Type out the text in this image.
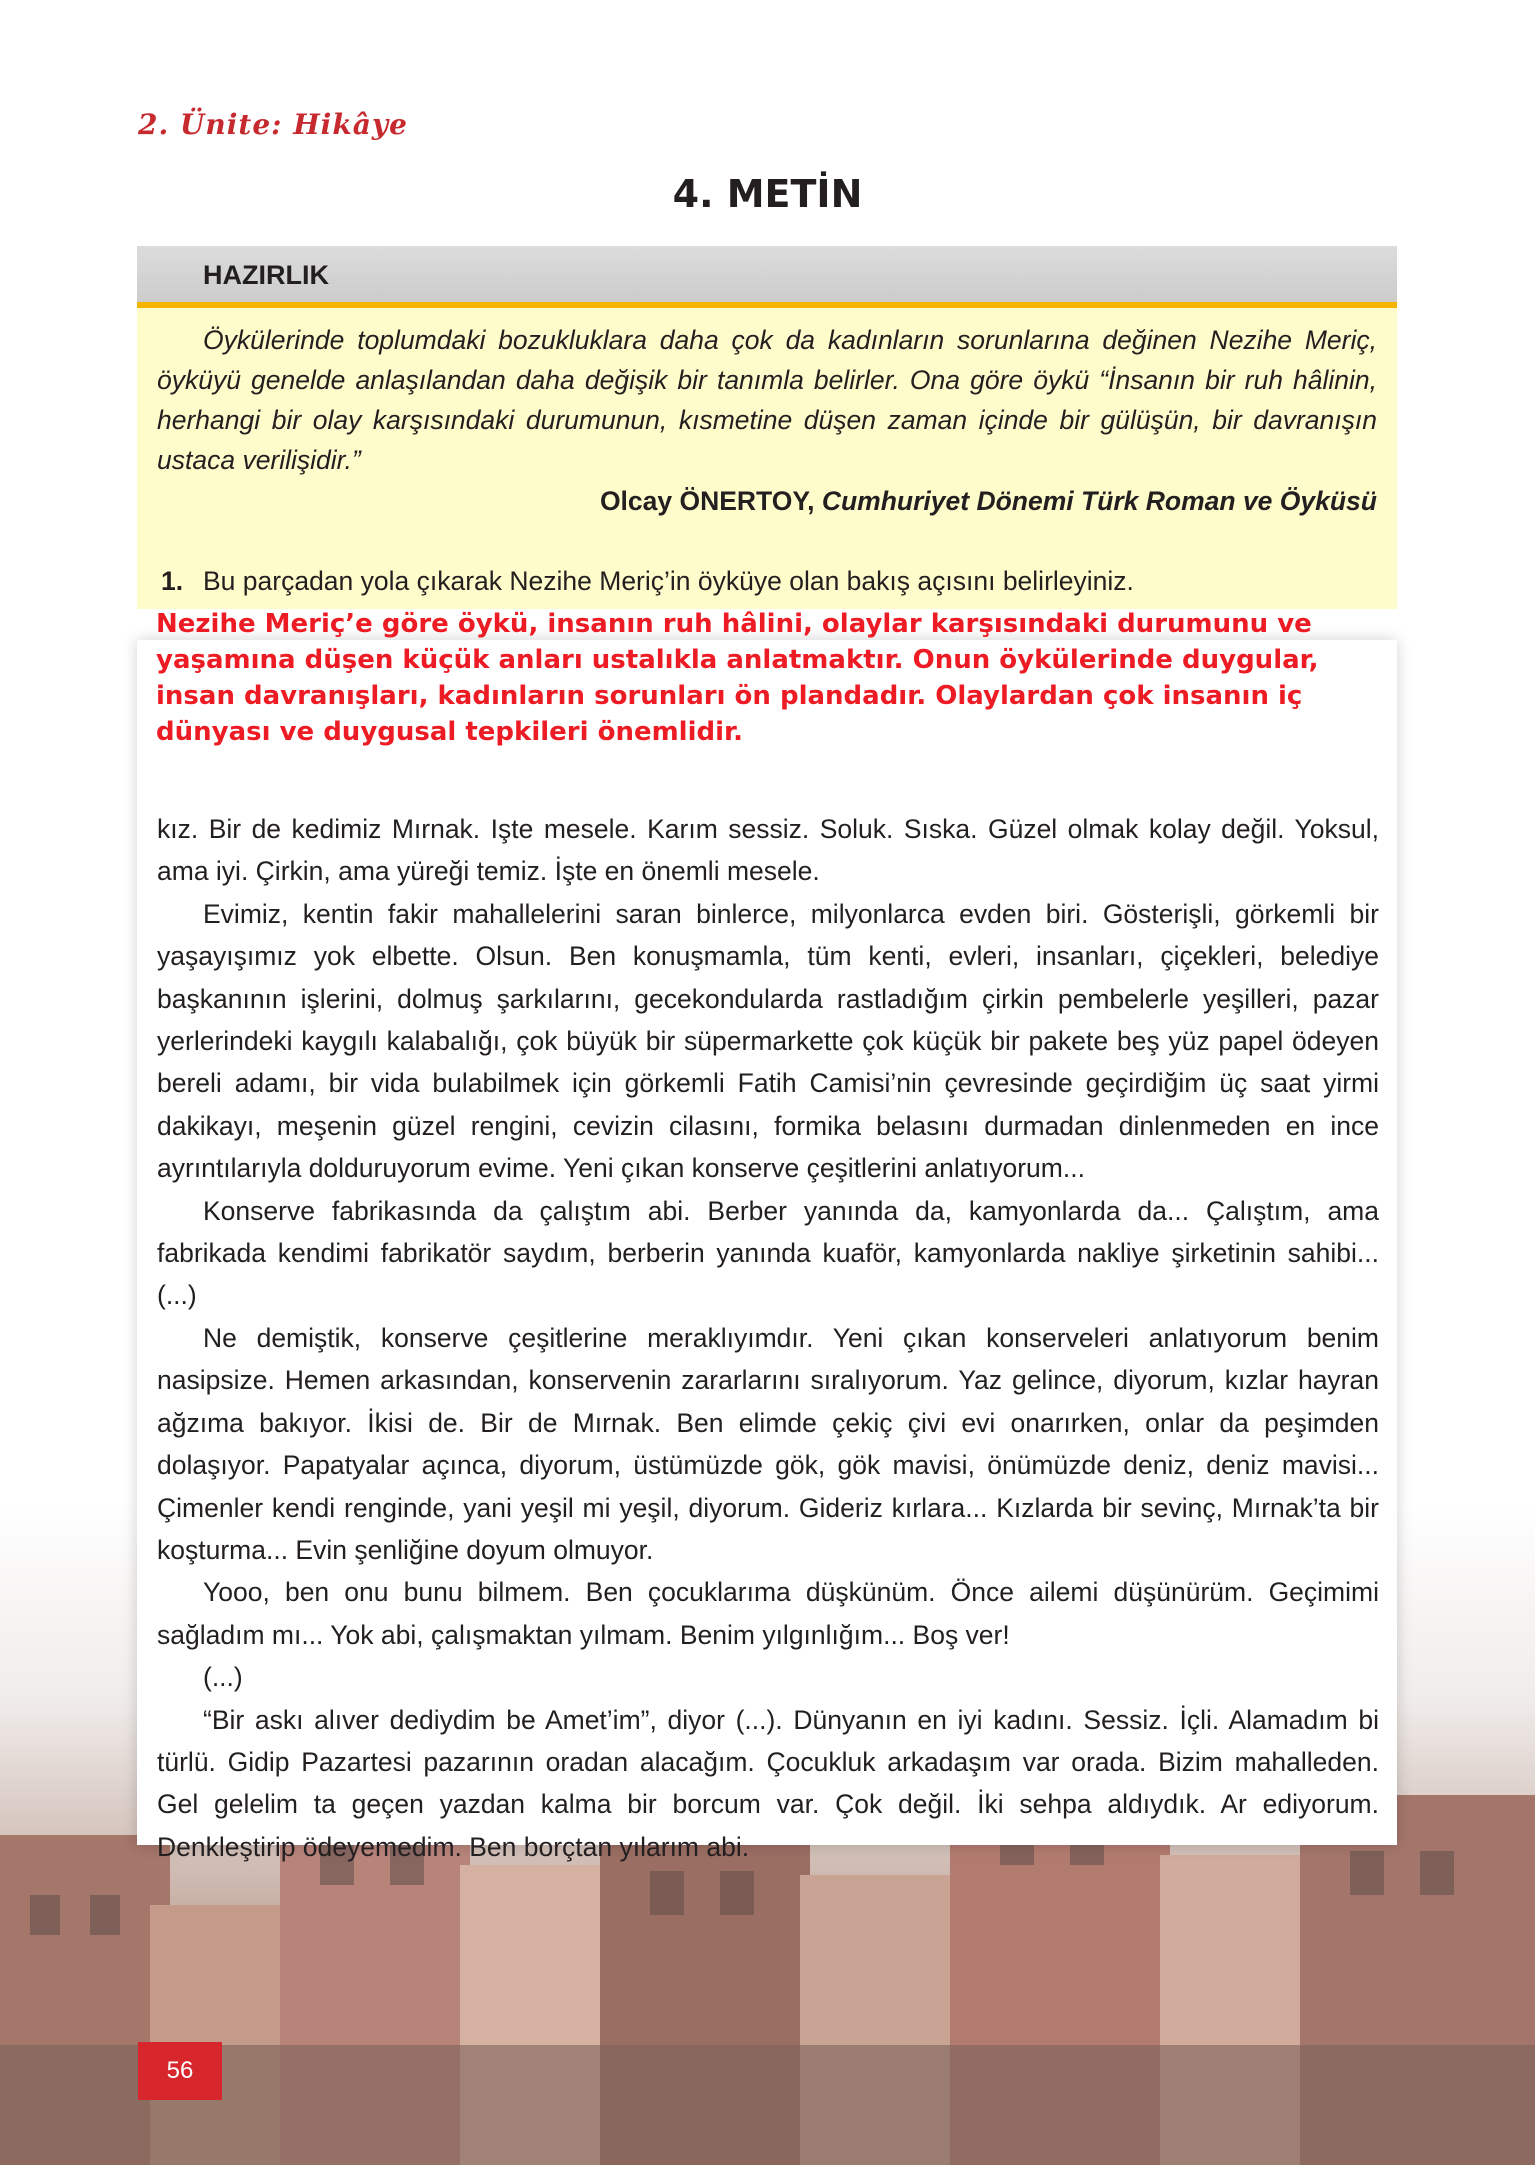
2. Ünite: Hikâye
4. METİN

kız. Bir de kedimiz Mırnak. Işte mesele. Karım sessiz. Soluk. Sıska. Güzel olmak kolay değil. Yoksul, ama iyi. Çirkin, ama yüreği temiz. İşte en önemli mesele.

Evimiz, kentin fakir mahallelerini saran binlerce, milyonlarca evden biri. Gösterişli, görkemli bir yaşayışımız yok elbette. Olsun. Ben konuşmamla, tüm kenti, evleri, insanları, çiçekleri, belediye başkanının işlerini, dolmuş şarkılarını, gecekondularda rastladığım çirkin pembelerle yeşilleri, pazar yerlerindeki kaygılı kalabalığı, çok büyük bir süpermarkette çok küçük bir pakete beş yüz papel ödeyen bereli adamı, bir vida bulabilmek için görkemli Fatih Camisi’nin çevresinde geçirdiğim üç saat yirmi dakikayı, meşenin güzel rengini, cevizin cilasını, formika belasını durmadan dinlenmeden en ince ayrıntılarıyla dolduruyorum evime. Yeni çıkan konserve çeşitlerini anlatıyorum...

Konserve fabrikasında da çalıştım abi. Berber yanında da, kamyonlarda da... Çalıştım, ama fabrikada kendimi fabrikatör saydım, berberin yanında kuaför, kamyonlarda nakliye şirketinin sahibi... (...)

Ne demiştik, konserve çeşitlerine meraklıyımdır. Yeni çıkan konserveleri anlatıyorum benim nasipsize. Hemen arkasından, konservenin zararlarını sıralıyorum. Yaz gelince, diyorum, kızlar hayran ağzıma bakıyor. İkisi de. Bir de Mırnak. Ben elimde çekiç çivi evi onarırken, onlar da peşimden dolaşıyor. Papatyalar açınca, diyorum, üstümüzde gök, gök mavisi, önümüzde deniz, deniz mavisi... Çimenler kendi renginde, yani yeşil mi yeşil, diyorum. Gideriz kırlara... Kızlarda bir sevinç, Mırnak’ta bir koşturma... Evin şenliğine doyum olmuyor.

Yooo, ben onu bunu bilmem. Ben çocuklarıma düşkünüm. Önce ailemi düşünürüm. Geçimimi sağladım mı... Yok abi, çalışmaktan yılmam. Benim yılgınlığım... Boş ver!

(...)

“Bir askı alıver dediydim be Amet’im”, diyor (...). Dünyanın en iyi kadını. Sessiz. İçli. Alamadım bi türlü. Gidip Pazartesi pazarının oradan alacağım. Çocukluk arkadaşım var orada. Bizim mahalleden. Gel gelelim ta geçen yazdan kalma bir borcum var. Çok değil. İki sehpa aldıydık. Ar ediyorum. Denkleştirip ödeyemedim. Ben borçtan yılarım abi.

HAZIRLIK
Öykülerinde toplumdaki bozukluklara daha çok da kadınların sorunlarına değinen Nezihe Meriç, öyküyü genelde anlaşılandan daha değişik bir tanımla belirler. Ona göre öykü “İnsanın bir ruh hâlinin, herhangi bir olay karşısındaki durumunun, kısmetine düşen zaman içinde bir gülüşün, bir davranışın ustaca verilişidir.”
Olcay ÖNERTOY, Cumhuriyet Dönemi Türk Roman ve Öyküsü
1. Bu parçadan yola çıkarak Nezihe Meriç’in öyküye olan bakış açısını belirleyiniz.
Nezihe Meriç’e göre öykü, insanın ruh hâlini, olaylar karşısındaki durumunu ve yaşamına düşen küçük anları ustalıkla anlatmaktır. Onun öykülerinde duygular, insan davranışları, kadınların sorunları ön plandadır. Olaylardan çok insanın iç dünyası ve duygusal tepkileri önemlidir.
56
